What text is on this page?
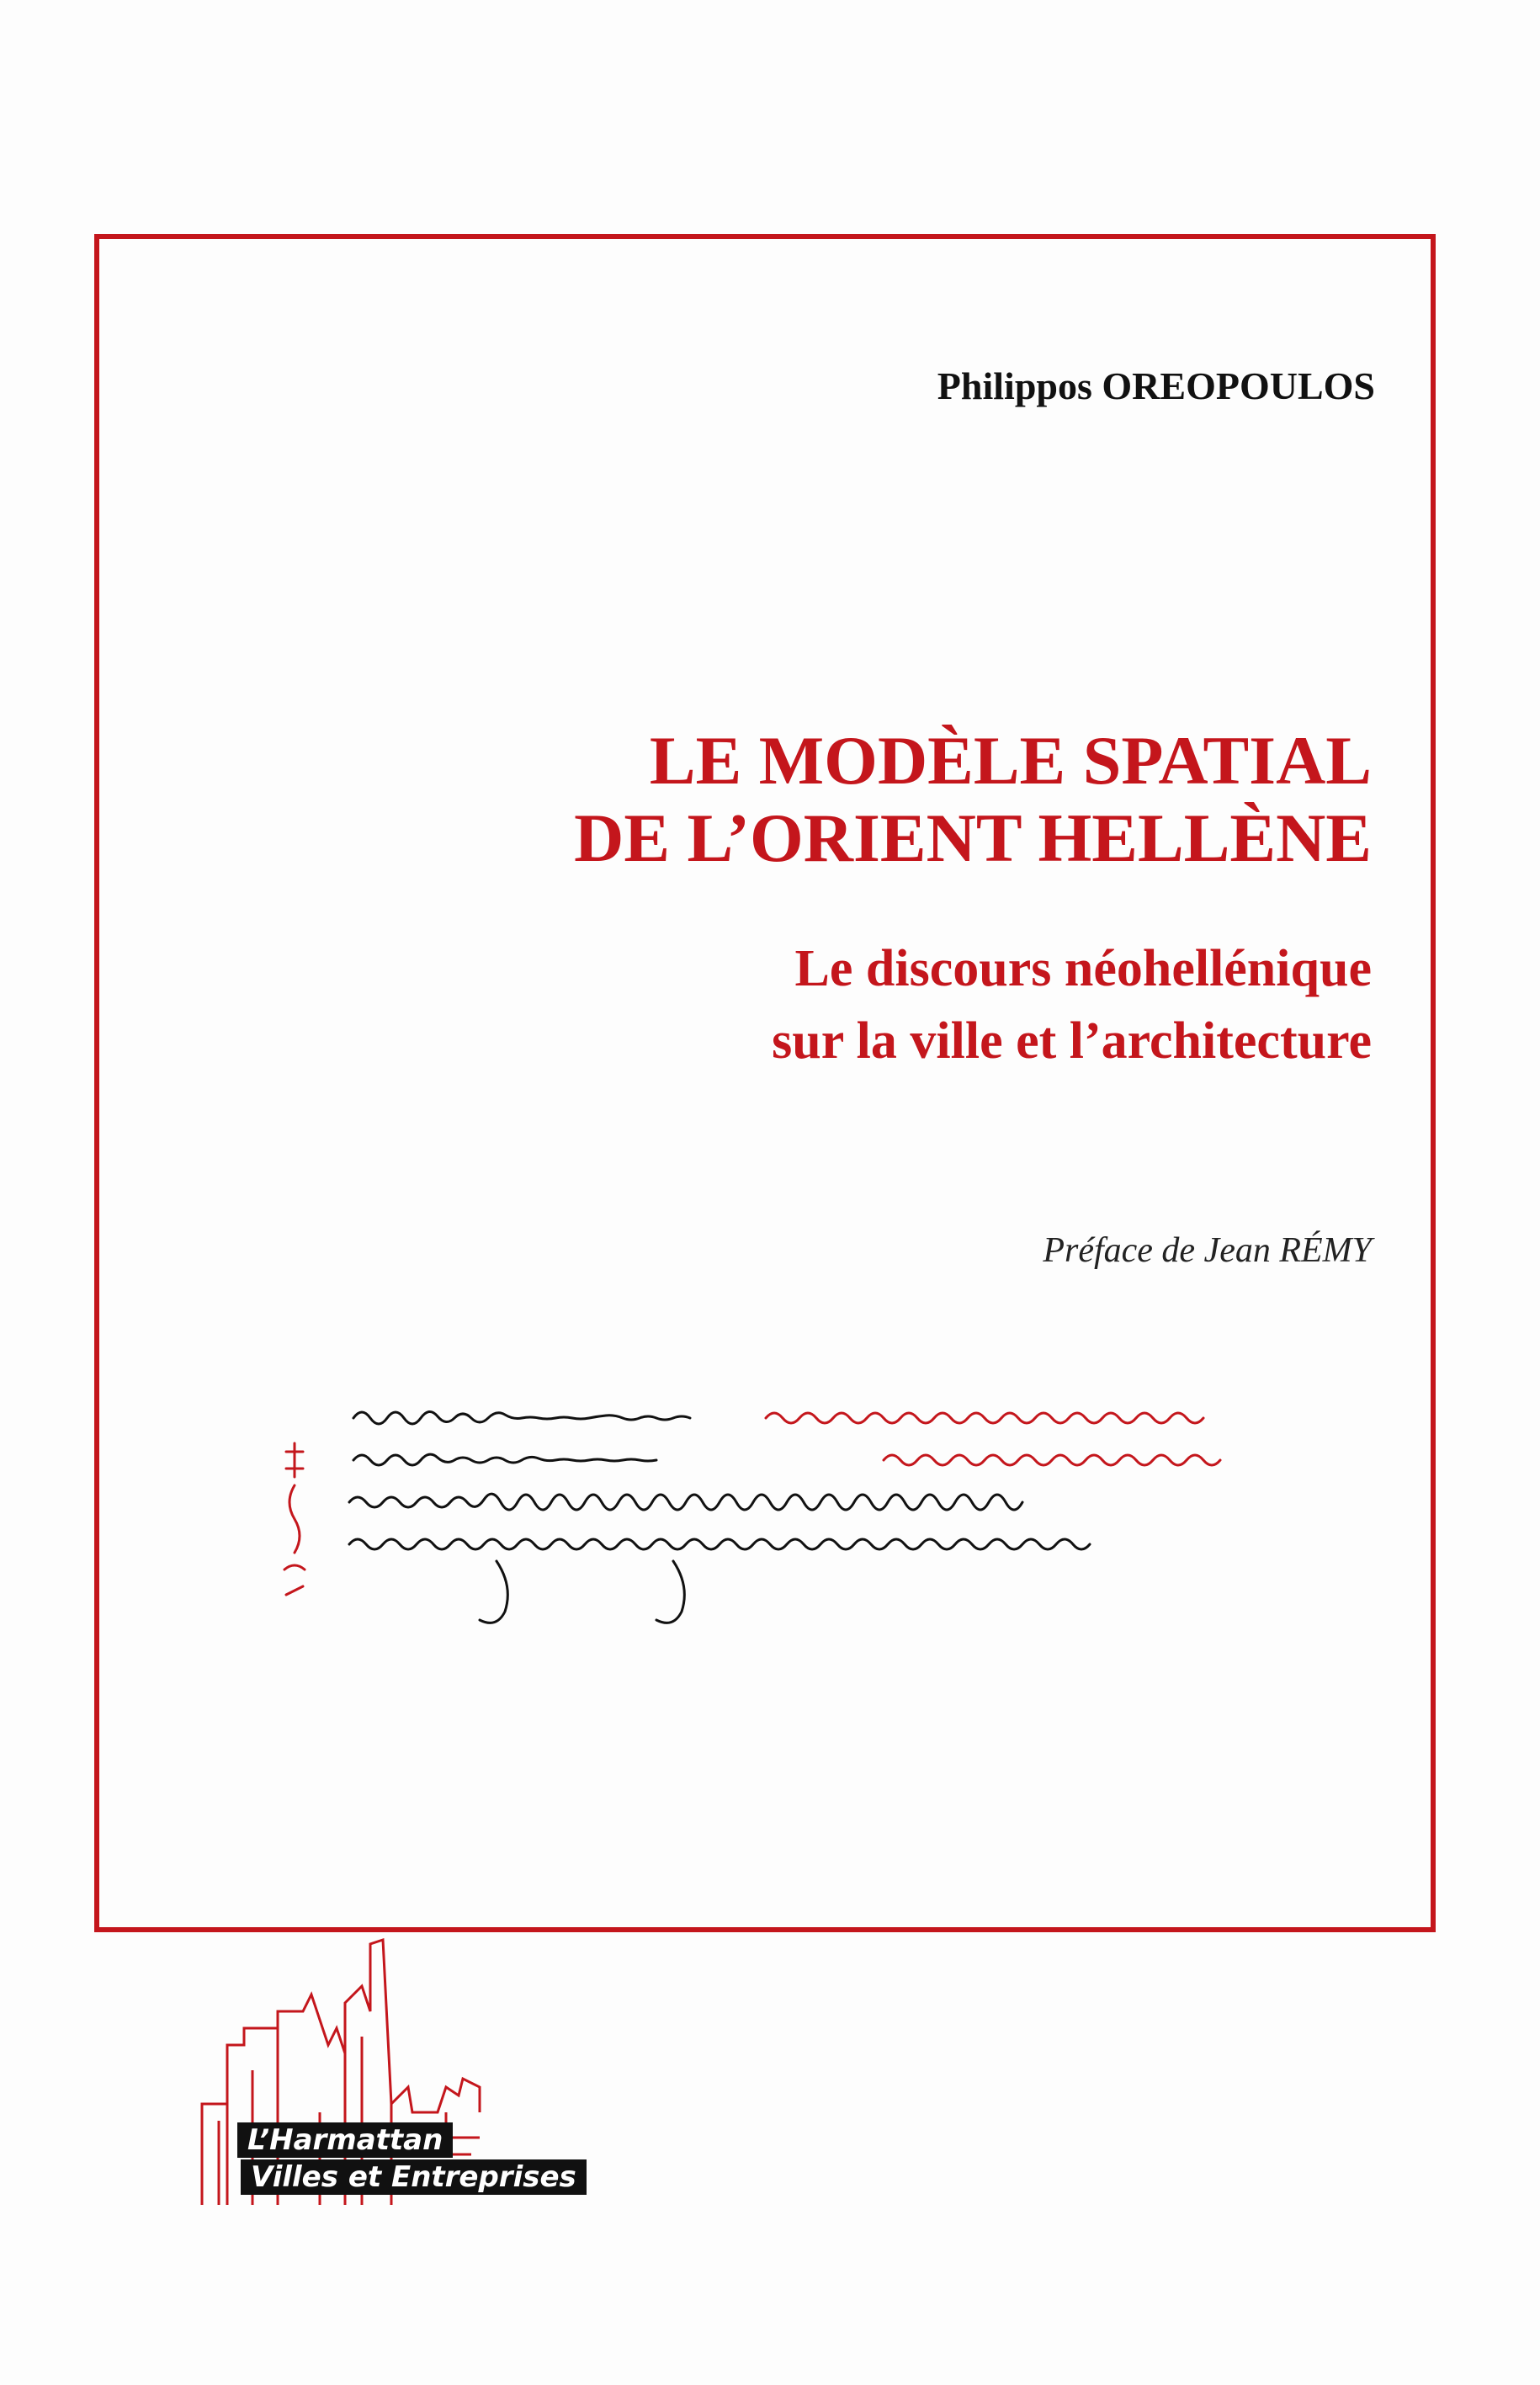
Philippos OREOPOULOS
LE MODÈLE SPATIAL
DE L’ORIENT HELLÈNE
Le discours néohellénique
sur la ville et l’architecture
Préface de Jean RÉMY
L’Harmattan
Villes et Entreprises
